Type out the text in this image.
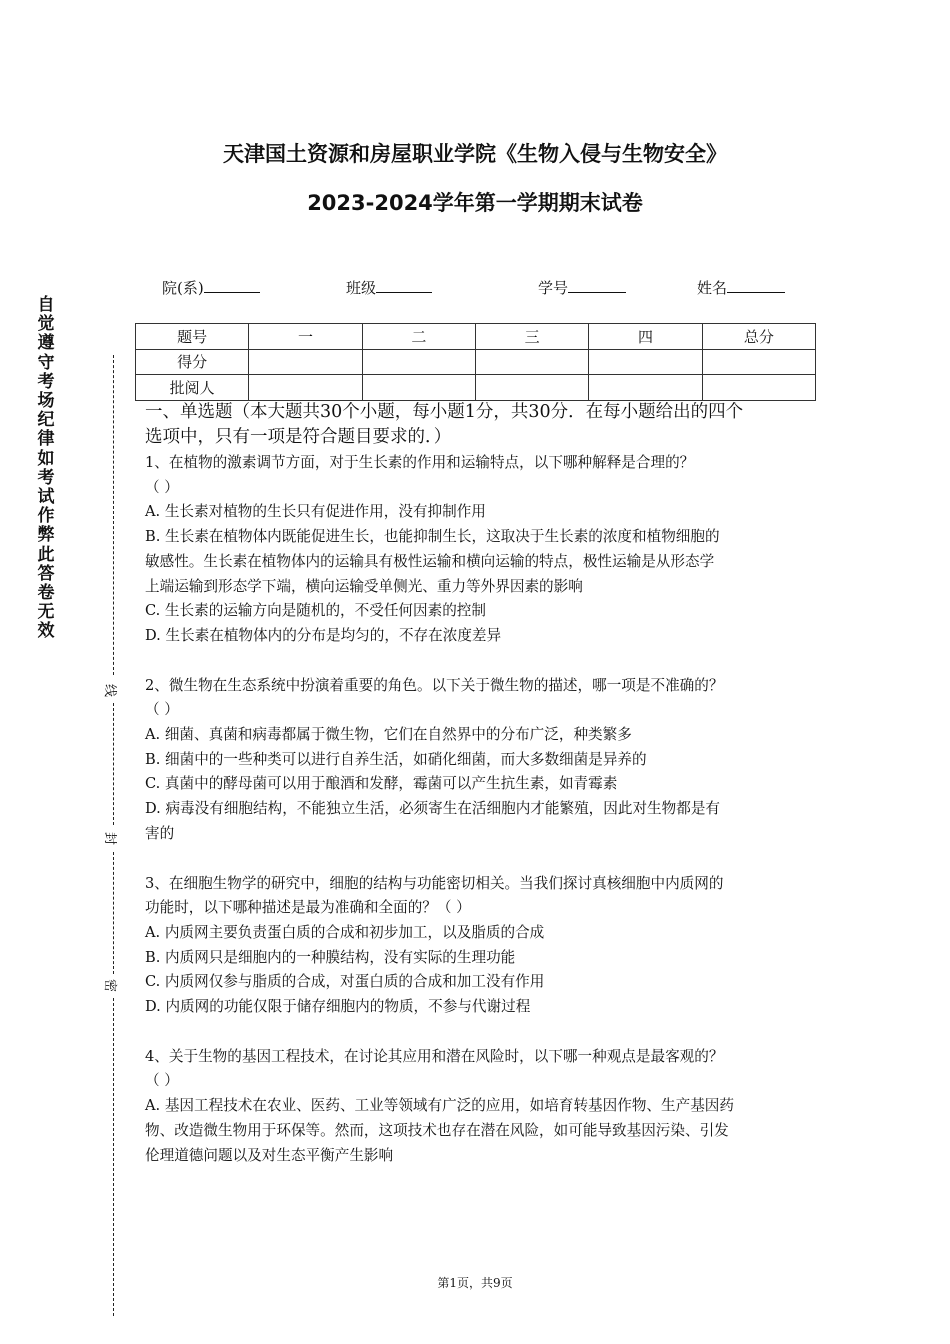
天津国土资源和房屋职业学院《生物入侵与生物安全》
2023-2024学年第一学期期末试卷
院(系)	班级	学号	姓名
题号	一	二	三	四	总分
得分					
批阅人					
自觉遵守考场纪律如考试作弊此答卷无效
线
封
密
一、单选题（本大题共30个小题，每小题1分，共30分．在每小题给出的四个
选项中，只有一项是符合题目要求的．）
1、在植物的激素调节方面，对于生长素的作用和运输特点，以下哪种解释是合理的？
（ ）
A. 生长素对植物的生长只有促进作用，没有抑制作用
B. 生长素在植物体内既能促进生长，也能抑制生长，这取决于生长素的浓度和植物细胞的
敏感性。生长素在植物体内的运输具有极性运输和横向运输的特点，极性运输是从形态学
上端运输到形态学下端，横向运输受单侧光、重力等外界因素的影响
C. 生长素的运输方向是随机的，不受任何因素的控制
D. 生长素在植物体内的分布是均匀的，不存在浓度差异
2、微生物在生态系统中扮演着重要的角色。以下关于微生物的描述，哪一项是不准确的？
（ ）
A. 细菌、真菌和病毒都属于微生物，它们在自然界中的分布广泛，种类繁多
B. 细菌中的一些种类可以进行自养生活，如硝化细菌，而大多数细菌是异养的
C. 真菌中的酵母菌可以用于酿酒和发酵，霉菌可以产生抗生素，如青霉素
D. 病毒没有细胞结构，不能独立生活，必须寄生在活细胞内才能繁殖，因此对生物都是有
害的
3、在细胞生物学的研究中，细胞的结构与功能密切相关。当我们探讨真核细胞中内质网的
功能时，以下哪种描述是最为准确和全面的？（ ）
A. 内质网主要负责蛋白质的合成和初步加工，以及脂质的合成
B. 内质网只是细胞内的一种膜结构，没有实际的生理功能
C. 内质网仅参与脂质的合成，对蛋白质的合成和加工没有作用
D. 内质网的功能仅限于储存细胞内的物质，不参与代谢过程
4、关于生物的基因工程技术，在讨论其应用和潜在风险时，以下哪一种观点是最客观的？
（ ）
A. 基因工程技术在农业、医药、工业等领域有广泛的应用，如培育转基因作物、生产基因药
物、改造微生物用于环保等。然而，这项技术也存在潜在风险，如可能导致基因污染、引发
伦理道德问题以及对生态平衡产生影响
第1页，共9页
